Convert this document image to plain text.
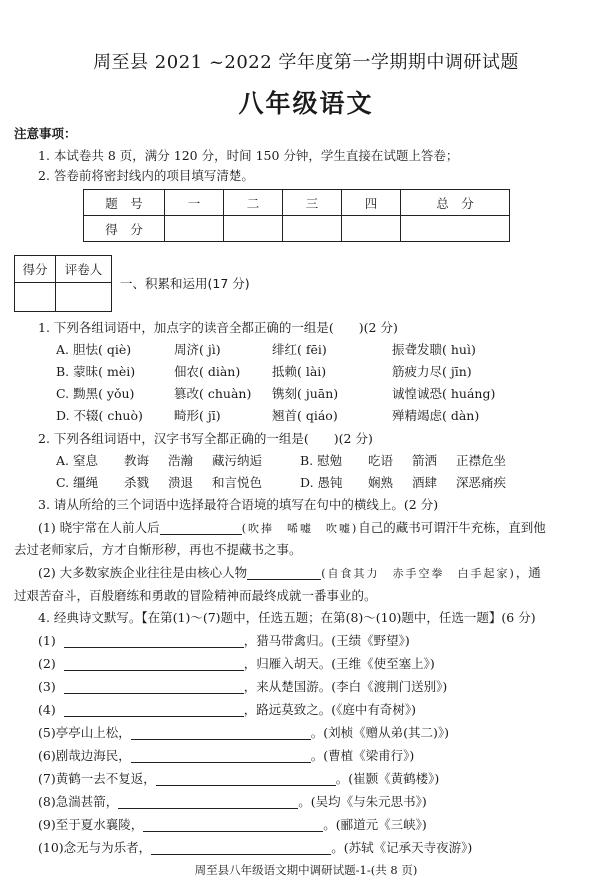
周至县 2021 ~2022 学年度第一学期期中调研试题
八年级语文
注意事项：
1. 本试卷共 8 页，满分 120 分，时间 150 分钟，学生直接在试题上答卷；
2. 答卷前将密封线内的项目填写清楚。
题　号	一	二	三	四	总　分
得　分					
得分	评卷人

一、积累和运用(17 分)
1. 下列各组词语中，加点字的读音全都正确的一组是(　　)(2 分)
A. 胆怯( qiè)	周济( jì)	绯红( fēi)	振聋发聩( huì)
B. 蒙昧( mèi)	佃农( diàn)	抵赖( lài)	筋疲力尽( jīn)
C. 黝黑( yǒu)	篡改( chuàn) 镌刻( juān)	诚惶诚恐( huáng)
D. 不辍( chuò) 畸形( jī)	翘首( qiáo)	殚精竭虑( dàn)
2. 下列各组词语中，汉字书写全都正确的一组是(　　)(2 分)
A. 窒息 教诲 浩瀚 藏污纳逅	B. 慰勉 吃语 箭洒 正襟危坐
C. 缰绳 杀戮 溃退 和言悦色	D. 愚钝 娴熟 酒肆 深恶痛疾
3. 请从所给的三个词语中选择最符合语境的填写在句中的横线上。(2 分)
(1) 晓宇常在人前人后	(吹捧　唏嘘　吹嘘)自己的藏书可谓汗牛充栋，直到他
去过老师家后，方才自惭形秽，再也不提藏书之事。
(2) 大多数家族企业往往是由核心人物	(自食其力　赤手空拳　白手起家)，通
过艰苦奋斗，百般磨练和勇敢的冒险精神而最终成就一番事业的。
4. 经典诗文默写。【在第(1)～(7)题中，任选五题；在第(8)～(10)题中，任选一题】(6 分)
(1)	，猎马带禽归。(王绩《野望》)
(2)	，归雁入胡天。(王维《使至塞上》)
(3)	，来从楚国游。(李白《渡荆门送别》)
(4)	，路远莫致之。(《庭中有奇树》)
(5)亭亭山上松，	。(刘桢《赠从弟(其二)》)
(6)剧哉边海民，	。(曹植《梁甫行》)
(7)黄鹤一去不复返，	。(崔颢《黄鹤楼》)
(8)急湍甚箭，	。(吴均《与朱元思书》)
(9)至于夏水襄陵，	。(郦道元《三峡》)
(10)念无与为乐者，	。(苏轼《记承天寺夜游》)
周至县八年级语文期中调研试题-1-(共 8 页)
